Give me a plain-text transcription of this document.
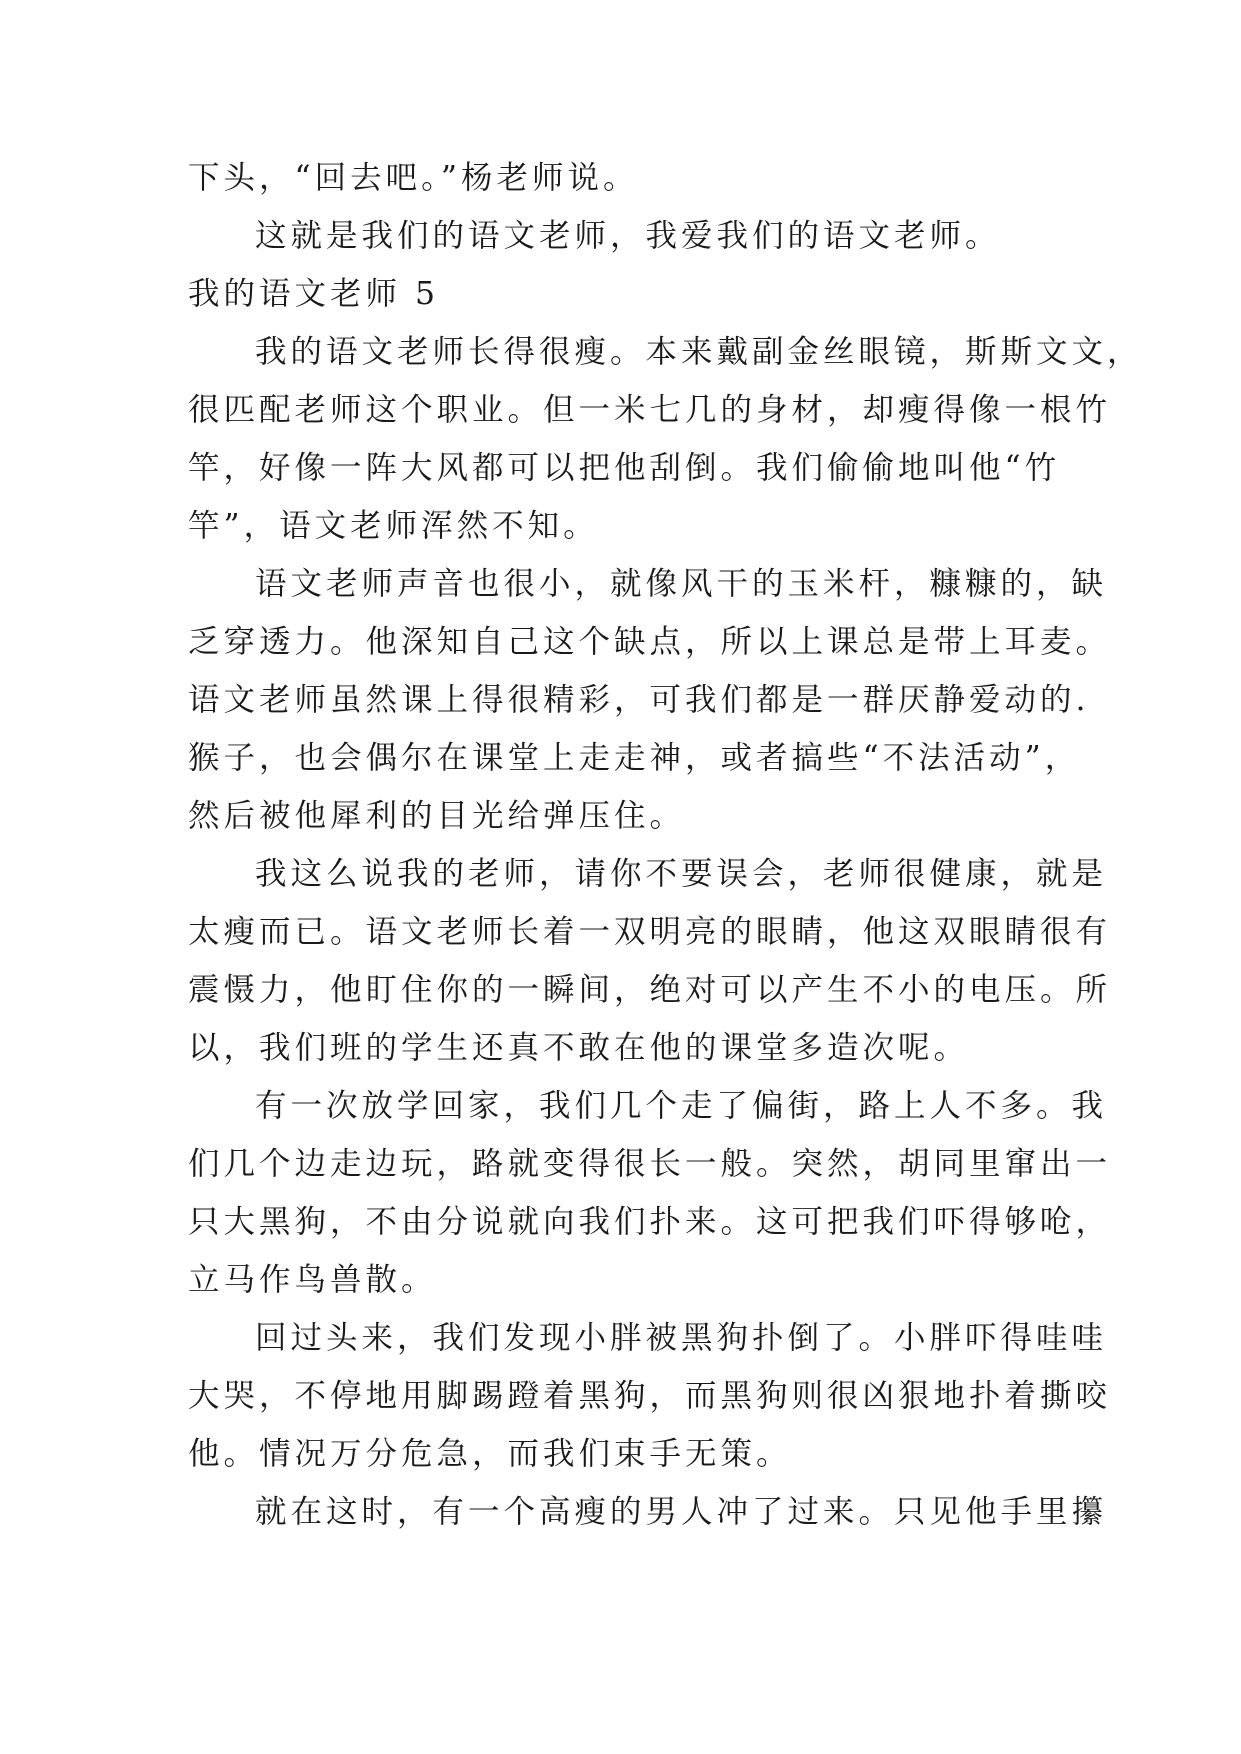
下头，“回去吧。”杨老师说。
这就是我们的语文老师，我爱我们的语文老师。
我的语文老师 5
我的语文老师长得很瘦。本来戴副金丝眼镜，斯斯文文，
很匹配老师这个职业。但一米七几的身材，却瘦得像一根竹
竿，好像一阵大风都可以把他刮倒。我们偷偷地叫他“竹
竿”，语文老师浑然不知。
语文老师声音也很小，就像风干的玉米杆，糠糠的，缺
乏穿透力。他深知自己这个缺点，所以上课总是带上耳麦。
语文老师虽然课上得很精彩，可我们都是一群厌静爱动的.
猴子，也会偶尔在课堂上走走神，或者搞些“不法活动”，
然后被他犀利的目光给弹压住。
我这么说我的老师，请你不要误会，老师很健康，就是
太瘦而已。语文老师长着一双明亮的眼睛，他这双眼睛很有
震慑力，他盯住你的一瞬间，绝对可以产生不小的电压。所
以，我们班的学生还真不敢在他的课堂多造次呢。
有一次放学回家，我们几个走了偏街，路上人不多。我
们几个边走边玩，路就变得很长一般。突然，胡同里窜出一
只大黑狗，不由分说就向我们扑来。这可把我们吓得够呛，
立马作鸟兽散。
回过头来，我们发现小胖被黑狗扑倒了。小胖吓得哇哇
大哭，不停地用脚踢蹬着黑狗，而黑狗则很凶狠地扑着撕咬
他。情况万分危急，而我们束手无策。
就在这时，有一个高瘦的男人冲了过来。只见他手里攥
